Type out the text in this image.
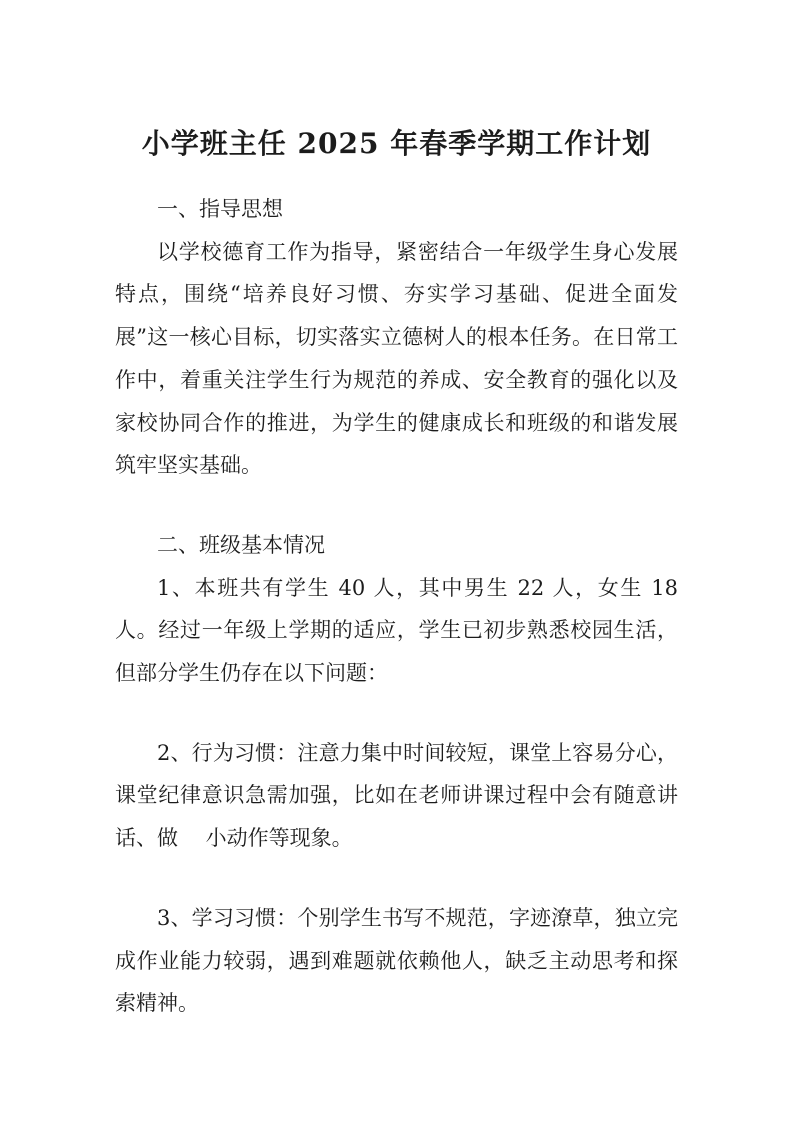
小学班主任 2025 年春季学期工作计划

一、指导思想

以学校德育工作为指导，紧密结合一年级学生身心发展特点，围绕“培养良好习惯、夯实学习基础、促进全面发展”这一核心目标，切实落实立德树人的根本任务。在日常工作中，着重关注学生行为规范的养成、安全教育的强化以及家校协同合作的推进，为学生的健康成长和班级的和谐发展筑牢坚实基础。

二、班级基本情况

1、本班共有学生 40 人，其中男生 22 人，女生 18 人。经过一年级上学期的适应，学生已初步熟悉校园生活，但部分学生仍存在以下问题：

2、行为习惯：注意力集中时间较短，课堂上容易分心，课堂纪律意识急需加强，比如在老师讲课过程中会有随意讲话、做　 小动作等现象。

3、学习习惯：个别学生书写不规范，字迹潦草，独立完成作业能力较弱，遇到难题就依赖他人，缺乏主动思考和探索精神。
